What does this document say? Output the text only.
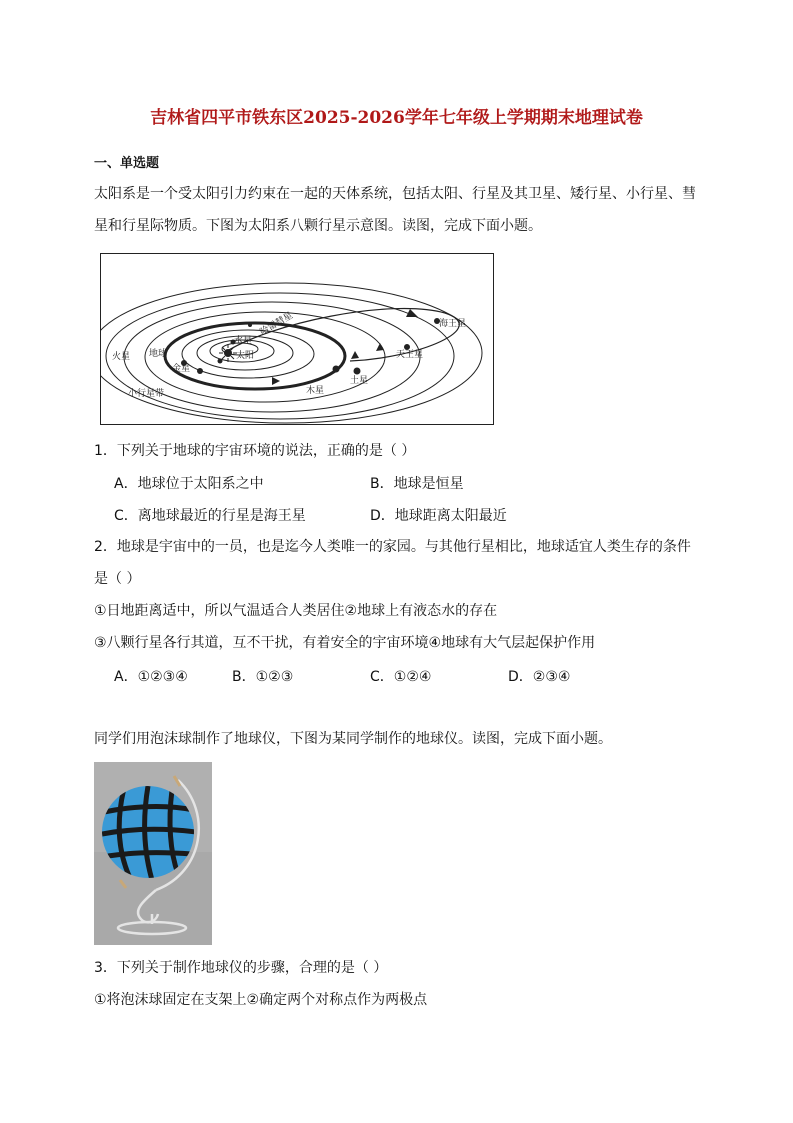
吉林省四平市铁东区2025-2026学年七年级上学期期末地理试卷
一、单选题
太阳系是一个受太阳引力约束在一起的天体系统，包括太阳、行星及其卫星、矮行星、小行星、彗
星和行星际物质。下图为太阳系八颗行星示意图。读图，完成下面小题。
水星
太阳
金星
地球
火星
小行星带	木星
土星
天王星
海王星
哈雷彗星
1．下列关于地球的宇宙环境的说法，正确的是（ ）
A．地球位于太阳系之中	B．地球是恒星
C．离地球最近的行星是海王星	D．地球距离太阳最近
2．地球是宇宙中的一员，也是迄今人类唯一的家园。与其他行星相比，地球适宜人类生存的条件
是（ ）
①日地距离适中，所以气温适合人类居住②地球上有液态水的存在
③八颗行星各行其道，互不干扰，有着安全的宇宙环境④地球有大气层起保护作用
A．①②③④	B．①②③	C．①②④	D．②③④
同学们用泡沫球制作了地球仪，下图为某同学制作的地球仪。读图，完成下面小题。
3．下列关于制作地球仪的步骤，合理的是（ ）
①将泡沫球固定在支架上②确定两个对称点作为两极点
